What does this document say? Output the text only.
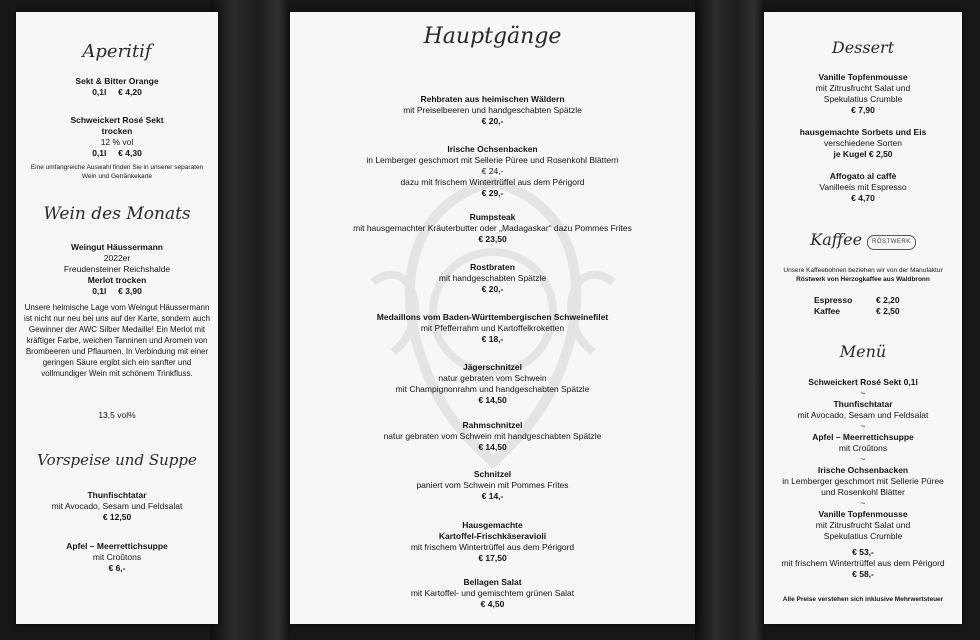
Aperitif
Sekt & Bitter Orange
0,1l     € 4,20
Schweickert Rosé Sekt
trocken
12 % vol
0,1l     € 4,30
Eine umfangreiche Auswahl finden Sie in unserer separaten Wein und Getränkekarte
Wein des Monats
Weingut Häussermann
2022er
Freudensteiner Reichshalde
Merlot trocken
0,1l     € 3,90
Unsere heimische Lage vom Weingut Häussermann ist nicht nur neu bei uns auf der Karte, sondern auch Gewinner der AWC Silber Medaille! Ein Merlot mit kräftiger Farbe, weichen Tanninen und Aromen von Brombeeren und Pflaumen. In Verbindung mit einer geringen Säure ergibt sich ein sanfter und vollmundiger Wein mit schönem Trinkfluss.
13,5 vol%
Vorspeise und Suppe
Thunfischtatar
mit Avocado, Sesam und Feldsalat
€ 12,50
Apfel – Meerrettichsuppe
mit Croûtons
€ 6,-
Hauptgänge
Rehbraten aus heimischen Wäldern
mit Preiselbeeren und handgeschabten Spätzle
€ 20,-
Irische Ochsenbacken
in Lemberger geschmort mit Sellerie Püree und Rosenkohl Blättern
€ 24,-
dazu mit frischem Wintertrüffel aus dem Périgord
€ 29,-
Rumpsteak
mit hausgemachter Kräuterbutter oder „Madagaskar“ dazu Pommes Frites
€ 23,50
Rostbraten
mit handgeschabten Spätzle
€ 20,-
Medaillons vom Baden-Württembergischen Schweinefilet
mit Pfefferrahm und Kartoffelkroketten
€ 18,-
Jägerschnitzel
natur gebraten vom Schwein
mit Champignonrahm und handgeschabten Spätzle
€ 14,50
Rahmschnitzel
natur gebraten vom Schwein mit handgeschabten Spätzle
€ 14,50
Schnitzel
paniert vom Schwein mit Pommes Frites
€ 14,-
Hausgemachte
Kartoffel-Frischkäseravioli
mit frischem Wintertrüffel aus dem Périgord
€ 17,50
Bellagen Salat
mit Kartoffel- und gemischtem grünen Salat
€ 4,50
Dessert
Vanille Topfenmousse
mit Zitrusfrucht Salat und
Spekulatius Crumble
€ 7,90
hausgemachte Sorbets und Eis
verschiedene Sorten
je Kugel € 2,50
Affogato al caffè
Vanilleeis mit Espresso
€ 4,70
Kaffee RÖSTWERK
Unsere Kaffeebohnen beziehen wir von der Manufaktur
Röstwerk von Herzogkaffee aus Waldbronn
Espresso	€ 2,20
Kaffee	€ 2,50
Menü
Schweickert Rosé Sekt 0,1l
~
Thunfischtatar
mit Avocado, Sesam und Feldsalat
~
Apfel – Meerrettichsuppe
mit Croûtons
~
Irische Ochsenbacken
in Lemberger geschmort mit Sellerie Püree
und Rosenkohl Blätter
~
Vanille Topfenmousse
mit Zitrusfrucht Salat und
Spekulatius Crumble
€ 53,-
mit frischem Wintertrüffel aus dem Périgord
€ 58,-
Alle Preise verstehen sich inklusive Mehrwertsteuer
